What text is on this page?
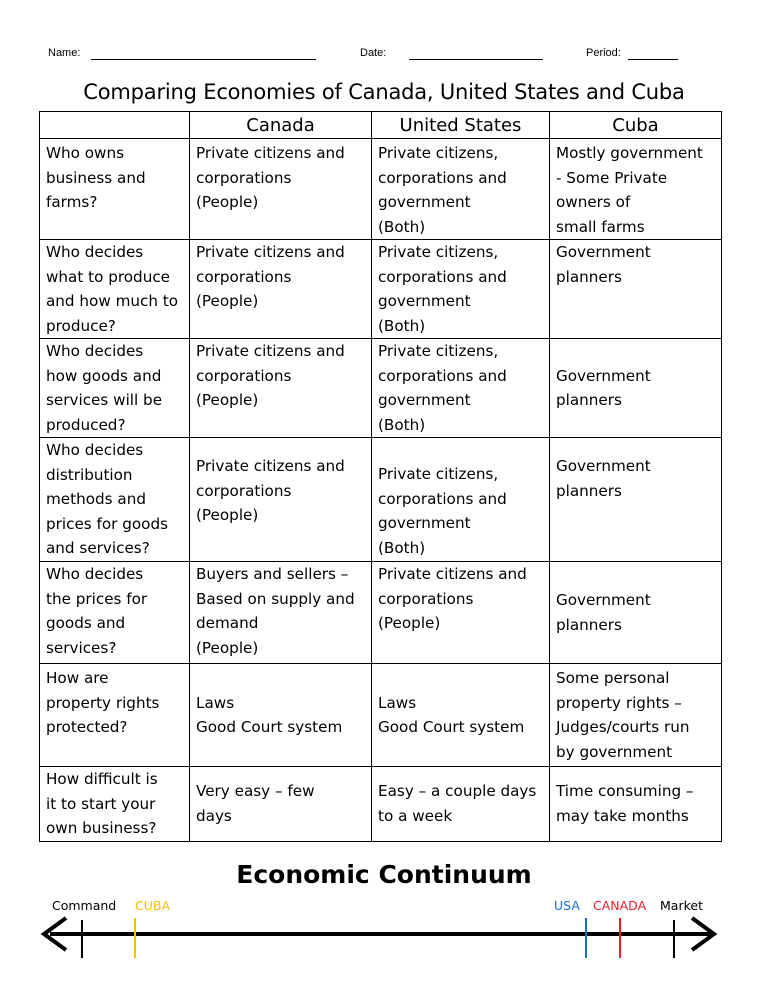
Name:	Date:	Period:
Comparing Economies of Canada, United States and Cuba
	Canada	United States	Cuba
Who owns
business and
farms?	Private citizens and
corporations
(People)	Private citizens,
corporations and
government
(Both)	Mostly government
- Some Private
owners of
small farms
Who decides
what to produce
and how much to
produce?	Private citizens and
corporations
(People)	Private citizens,
corporations and
government
(Both)	Government
planners
Who decides
how goods and
services will be
produced?	Private citizens and
corporations
(People)	Private citizens,
corporations and
government
(Both)	Government
planners
Who decides
distribution
methods and
prices for goods
and services?	Private citizens and
corporations
(People)	Private citizens,
corporations and
government
(Both)	Government
planners
Who decides
the prices for
goods and
services?	Buyers and sellers –
Based on supply and
demand
(People)	Private citizens and
corporations
(People)	Government
planners
How are
property rights
protected?	Laws
Good Court system	Laws
Good Court system	Some personal
property rights –
Judges/courts run
by government
How difficult is
it to start your
own business?	Very easy – few
days	Easy – a couple days
to a week	Time consuming –
may take months
Economic Continuum
Command CUBA	USA CANADA Market
